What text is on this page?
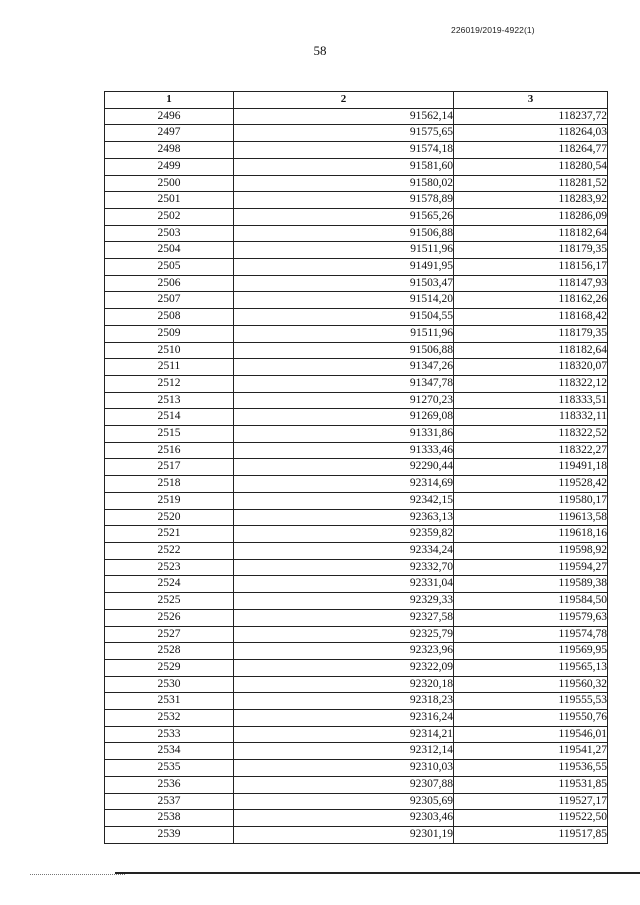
226019/2019-4922(1)
58
1	2	3
2496	91562,14	118237,72
2497	91575,65	118264,03
2498	91574,18	118264,77
2499	91581,60	118280,54
2500	91580,02	118281,52
2501	91578,89	118283,92
2502	91565,26	118286,09
2503	91506,88	118182,64
2504	91511,96	118179,35
2505	91491,95	118156,17
2506	91503,47	118147,93
2507	91514,20	118162,26
2508	91504,55	118168,42
2509	91511,96	118179,35
2510	91506,88	118182,64
2511	91347,26	118320,07
2512	91347,78	118322,12
2513	91270,23	118333,51
2514	91269,08	118332,11
2515	91331,86	118322,52
2516	91333,46	118322,27
2517	92290,44	119491,18
2518	92314,69	119528,42
2519	92342,15	119580,17
2520	92363,13	119613,58
2521	92359,82	119618,16
2522	92334,24	119598,92
2523	92332,70	119594,27
2524	92331,04	119589,38
2525	92329,33	119584,50
2526	92327,58	119579,63
2527	92325,79	119574,78
2528	92323,96	119569,95
2529	92322,09	119565,13
2530	92320,18	119560,32
2531	92318,23	119555,53
2532	92316,24	119550,76
2533	92314,21	119546,01
2534	92312,14	119541,27
2535	92310,03	119536,55
2536	92307,88	119531,85
2537	92305,69	119527,17
2538	92303,46	119522,50
2539	92301,19	119517,85
